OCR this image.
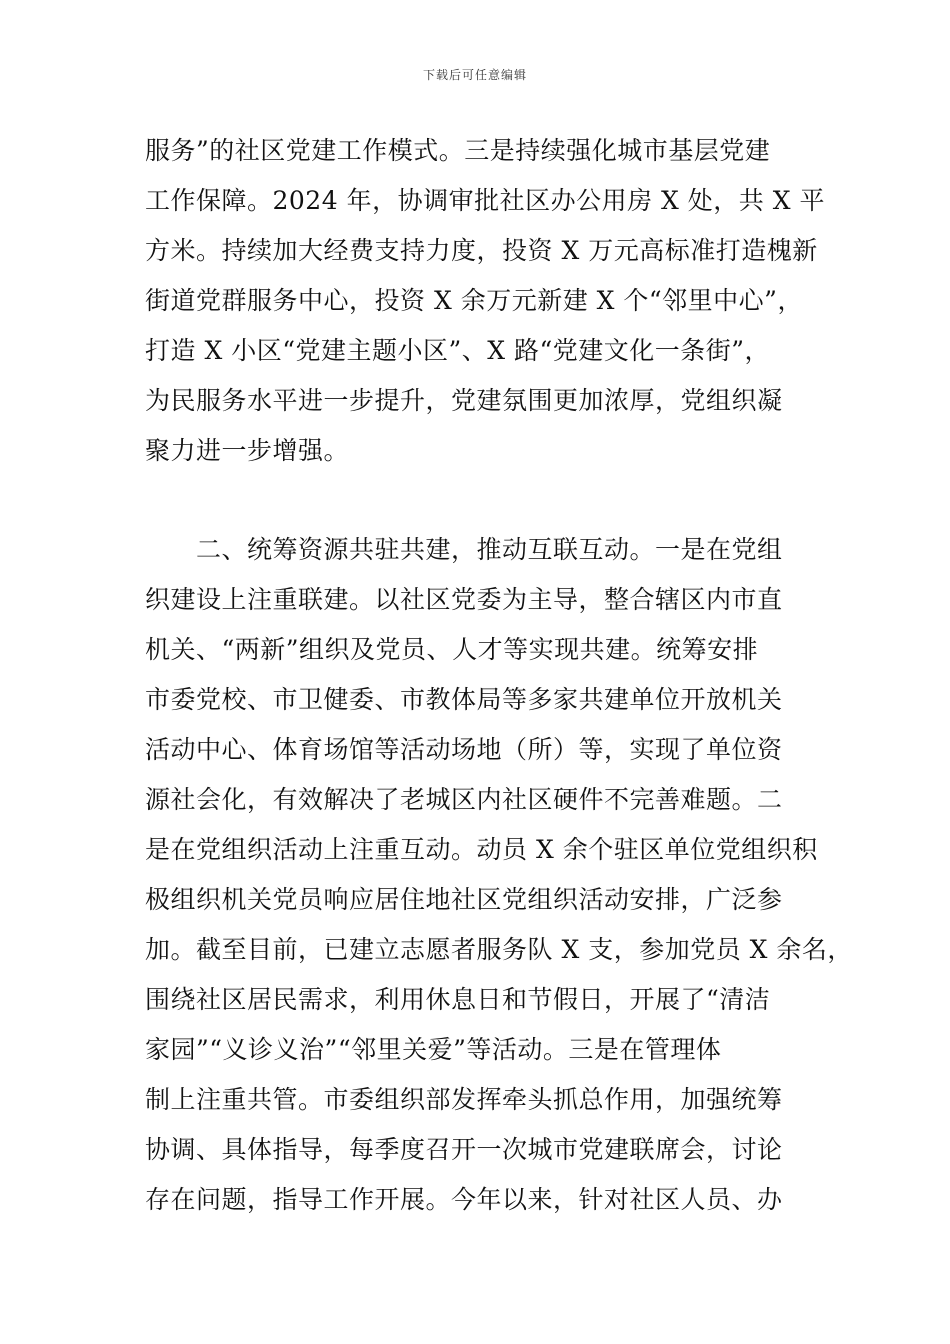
下载后可任意编辑
服务”的社区党建工作模式。三是持续强化城市基层党建
工作保障。2024 年，协调审批社区办公用房 X 处，共 X 平
方米。持续加大经费支持力度，投资 X 万元高标准打造槐新
街道党群服务中心，投资 X 余万元新建 X 个“邻里中心”，
打造 X 小区“党建主题小区”、X 路“党建文化一条街”，
为民服务水平进一步提升，党建氛围更加浓厚，党组织凝
聚力进一步增强。
　　二、统筹资源共驻共建，推动互联互动。一是在党组
织建设上注重联建。以社区党委为主导，整合辖区内市直
机关、“两新”组织及党员、人才等实现共建。统筹安排
市委党校、市卫健委、市教体局等多家共建单位开放机关
活动中心、体育场馆等活动场地（所）等，实现了单位资
源社会化，有效解决了老城区内社区硬件不完善难题。二
是在党组织活动上注重互动。动员 X 余个驻区单位党组织积
极组织机关党员响应居住地社区党组织活动安排，广泛参
加。截至目前，已建立志愿者服务队 X 支，参加党员 X 余名，
围绕社区居民需求，利用休息日和节假日，开展了“清洁
家园”“义诊义治”“邻里关爱”等活动。三是在管理体
制上注重共管。市委组织部发挥牵头抓总作用，加强统筹
协调、具体指导，每季度召开一次城市党建联席会，讨论
存在问题，指导工作开展。今年以来，针对社区人员、办
